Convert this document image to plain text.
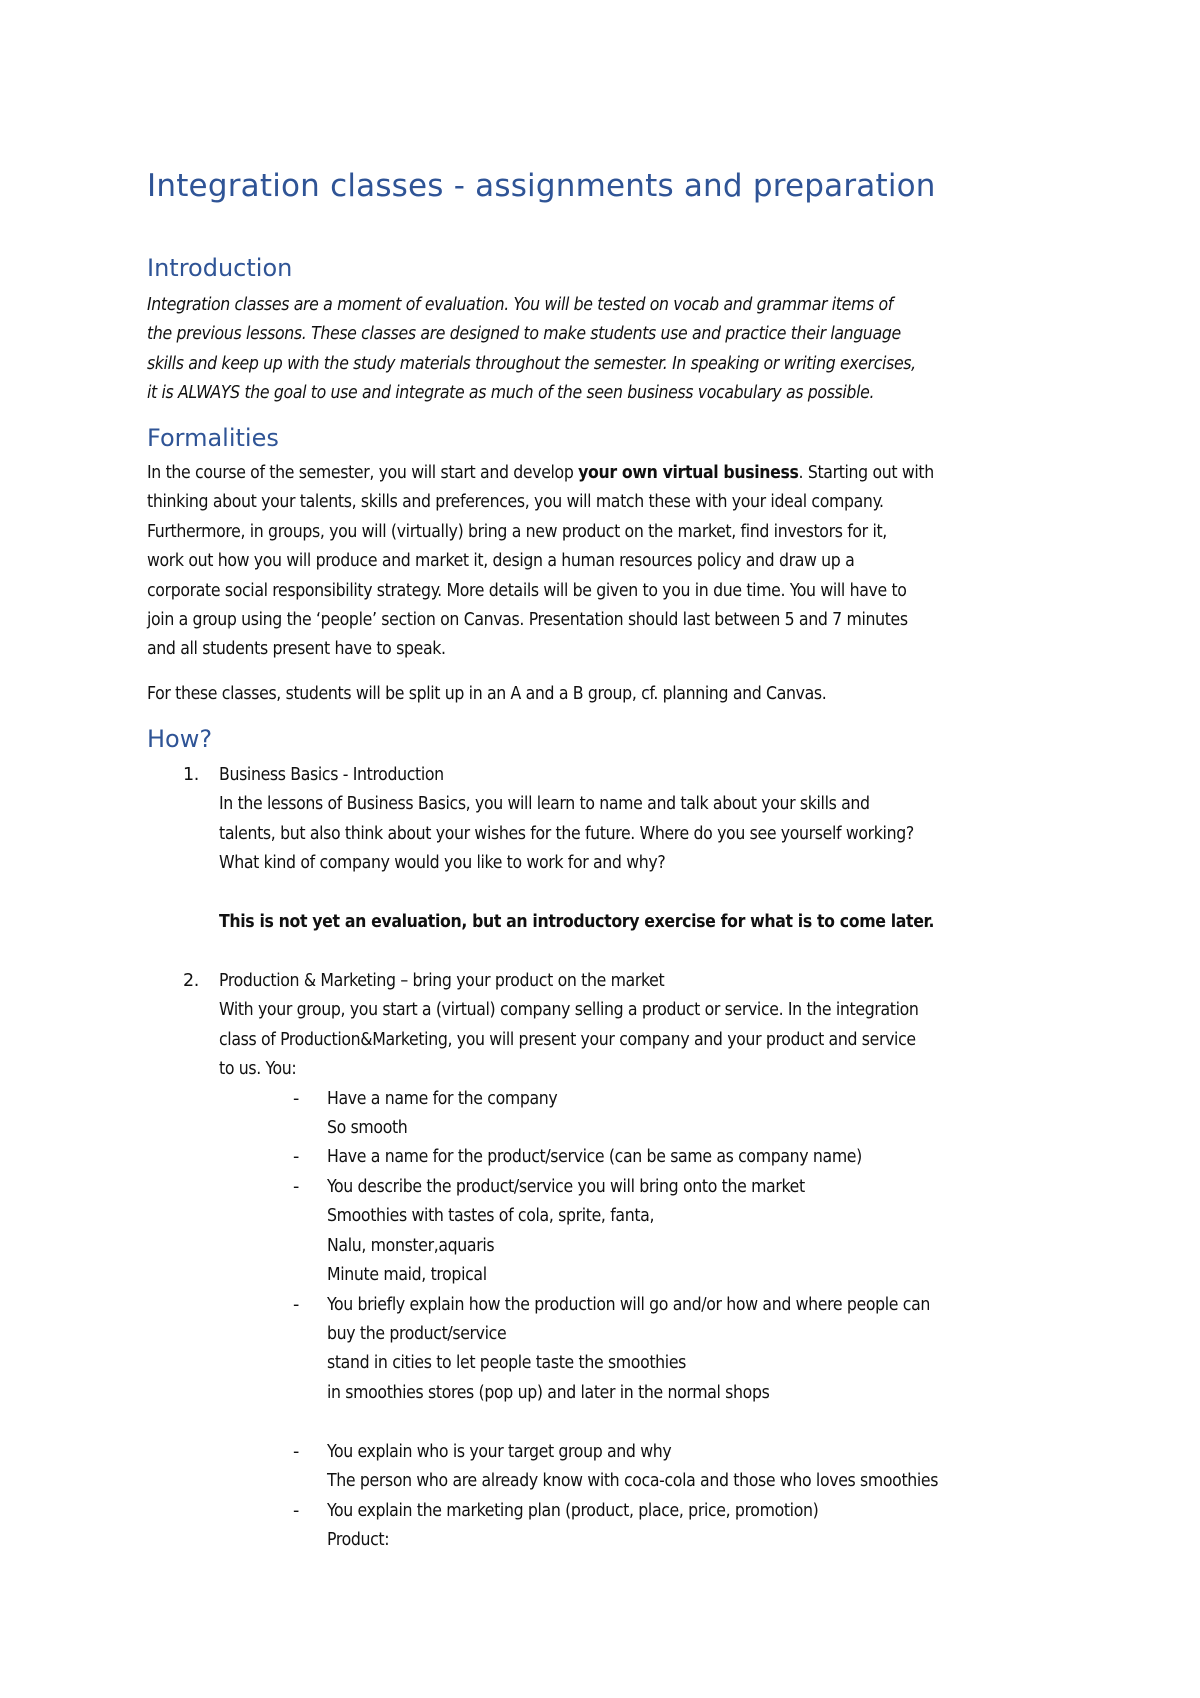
Integration classes - assignments and preparation
Introduction

Integration classes are a moment of evaluation. You will be tested on vocab and grammar items of

the previous lessons. These classes are designed to make students use and practice their language

skills and keep up with the study materials throughout the semester. In speaking or writing exercises,

it is ALWAYS the goal to use and integrate as much of the seen business vocabulary as possible.

Formalities

In the course of the semester, you will start and develop your own virtual business. Starting out with

thinking about your talents, skills and preferences, you will match these with your ideal company.

Furthermore, in groups, you will (virtually) bring a new product on the market, find investors for it,

work out how you will produce and market it, design a human resources policy and draw up a

corporate social responsibility strategy. More details will be given to you in due time. You will have to

join a group using the ‘people’ section on Canvas. Presentation should last between 5 and 7 minutes

and all students present have to speak.

For these classes, students will be split up in an A and a B group, cf. planning and Canvas.

How?
1. Business Basics - Introduction

In the lessons of Business Basics, you will learn to name and talk about your skills and

talents, but also think about your wishes for the future. Where do you see yourself working?

What kind of company would you like to work for and why?

This is not yet an evaluation, but an introductory exercise for what is to come later.

2. Production & Marketing – bring your product on the market

With your group, you start a (virtual) company selling a product or service. In the integration

class of Production&Marketing, you will present your company and your product and service

to us. You:

- Have a name for the company

So smooth

- Have a name for the product/service (can be same as company name)

- You describe the product/service you will bring onto the market

Smoothies with tastes of cola, sprite, fanta,

Nalu, monster,aquaris

Minute maid, tropical

- You briefly explain how the production will go and/or how and where people can

buy the product/service

stand in cities to let people taste the smoothies

in smoothies stores (pop up) and later in the normal shops

- You explain who is your target group and why

The person who are already know with coca-cola and those who loves smoothies

- You explain the marketing plan (product, place, price, promotion)

Product:
